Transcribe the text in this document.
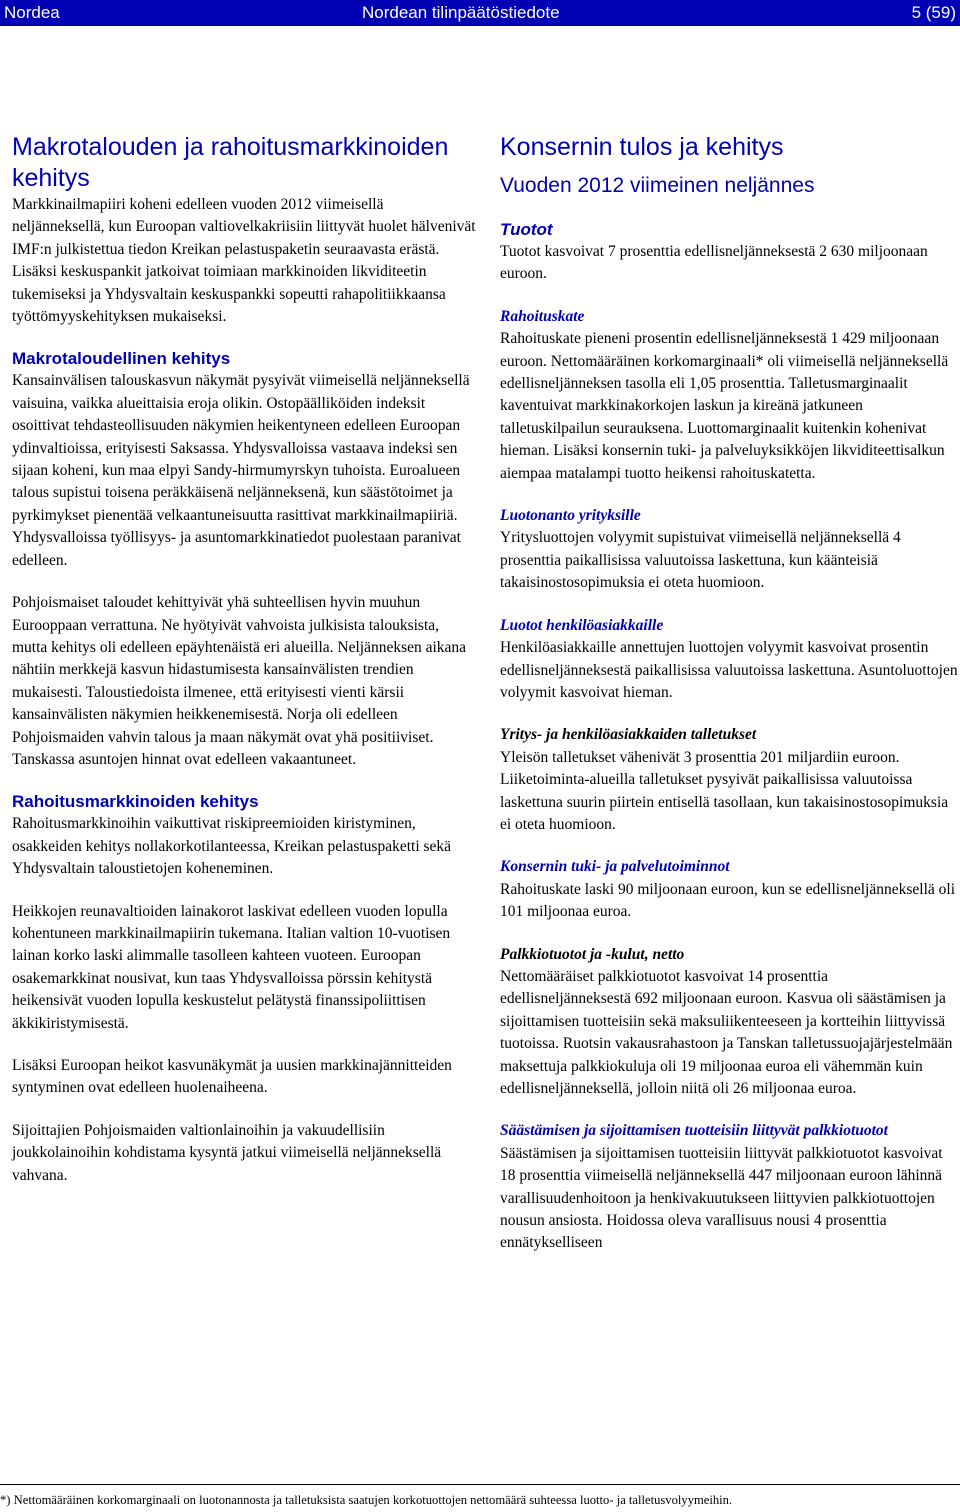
Nordea	Nordean tilinpäätöstiedote	5 (59)
Makrotalouden ja rahoitusmarkkinoiden kehitys

Markkinailmapiiri koheni edelleen vuoden 2012 viimeisellä neljänneksellä, kun Euroopan valtiovelkakriisiin liittyvät huolet hälvenivät IMF:n julkistettua tiedon Kreikan pelastuspaketin seuraavasta erästä. Lisäksi keskuspankit jatkoivat toimiaan markkinoiden likviditeetin tukemiseksi ja Yhdysvaltain keskuspankki sopeutti rahapolitiikkaansa työttömyyskehityksen mukaiseksi.

Makrotaloudellinen kehitys

Kansainvälisen talouskasvun näkymät pysyivät viimeisellä neljänneksellä vaisuina, vaikka alueittaisia eroja olikin. Ostopäälliköiden indeksit osoittivat tehdasteollisuuden näkymien heikentyneen edelleen Euroopan ydinvaltioissa, erityisesti Saksassa. Yhdysvalloissa vastaava indeksi sen sijaan koheni, kun maa elpyi Sandy-hirmumyrskyn tuhoista. Euroalueen talous supistui toisena peräkkäisenä neljänneksenä, kun säästötoimet ja pyrkimykset pienentää velkaantuneisuutta rasittivat markkinailmapiiriä. Yhdysvalloissa työllisyys- ja asuntomarkkinatiedot puolestaan paranivat edelleen.

Pohjoismaiset taloudet kehittyivät yhä suhteellisen hyvin muuhun Eurooppaan verrattuna. Ne hyötyivät vahvoista julkisista talouksista, mutta kehitys oli edelleen epäyhtenäistä eri alueilla. Neljänneksen aikana nähtiin merkkejä kasvun hidastumisesta kansainvälisten trendien mukaisesti. Taloustiedoista ilmenee, että erityisesti vienti kärsii kansainvälisten näkymien heikkenemisestä. Norja oli edelleen Pohjoismaiden vahvin talous ja maan näkymät ovat yhä positiiviset. Tanskassa asuntojen hinnat ovat edelleen vakaantuneet.

Rahoitusmarkkinoiden kehitys

Rahoitusmarkkinoihin vaikuttivat riskipreemioiden kiristyminen, osakkeiden kehitys nollakorkotilanteessa, Kreikan pelastuspaketti sekä Yhdysvaltain taloustietojen koheneminen.

Heikkojen reunavaltioiden lainakorot laskivat edelleen vuoden lopulla kohentuneen markkinailmapiirin tukemana. Italian valtion 10-vuotisen lainan korko laski alimmalle tasolleen kahteen vuoteen. Euroopan osakemarkkinat nousivat, kun taas Yhdysvalloissa pörssin kehitystä heikensivät vuoden lopulla keskustelut pelätystä finanssipoliittisen äkkikiristymisestä.

Lisäksi Euroopan heikot kasvunäkymät ja uusien markkinajännitteiden syntyminen ovat edelleen huolenaiheena.

Sijoittajien Pohjoismaiden valtionlainoihin ja vakuudellisiin joukkolainoihin kohdistama kysyntä jatkui viimeisellä neljänneksellä vahvana.

Konsernin tulos ja kehitys
Vuoden 2012 viimeinen neljännes
Tuotot

Tuotot kasvoivat 7 prosenttia edellisneljänneksestä 2 630 miljoonaan euroon.

Rahoituskate

Rahoituskate pieneni prosentin edellisneljänneksestä 1 429 miljoonaan euroon. Nettomääräinen korkomarginaali* oli viimeisellä neljänneksellä edellisneljänneksen tasolla eli 1,05 prosenttia. Talletusmarginaalit kaventuivat markkinakorkojen laskun ja kireänä jatkuneen talletuskilpailun seurauksena. Luottomarginaalit kuitenkin kohenivat hieman. Lisäksi konsernin tuki- ja palveluyksikköjen likviditeettisalkun aiempaa matalampi tuotto heikensi rahoituskatetta.

Luotonanto yrityksille

Yritysluottojen volyymit supistuivat viimeisellä neljänneksellä 4 prosenttia paikallisissa valuutoissa laskettuna, kun käänteisiä takaisinostosopimuksia ei oteta huomioon.

Luotot henkilöasiakkaille

Henkilöasiakkaille annettujen luottojen volyymit kasvoivat prosentin edellisneljänneksestä paikallisissa valuutoissa laskettuna. Asuntoluottojen volyymit kasvoivat hieman.

Yritys- ja henkilöasiakkaiden talletukset

Yleisön talletukset vähenivät 3 prosenttia 201 miljardiin euroon. Liiketoiminta-alueilla talletukset pysyivät paikallisissa valuutoissa laskettuna suurin piirtein entisellä tasollaan, kun takaisinostosopimuksia ei oteta huomioon.

Konsernin tuki- ja palvelutoiminnot

Rahoituskate laski 90 miljoonaan euroon, kun se edellisneljänneksellä oli 101 miljoonaa euroa.

Palkkiotuotot ja -kulut, netto

Nettomääräiset palkkiotuotot kasvoivat 14 prosenttia edellisneljänneksestä 692 miljoonaan euroon. Kasvua oli säästämisen ja sijoittamisen tuotteisiin sekä maksuliikenteeseen ja kortteihin liittyvissä tuotoissa. Ruotsin vakausrahastoon ja Tanskan talletussuojajärjestelmään maksettuja palkkiokuluja oli 19 miljoonaa euroa eli vähemmän kuin edellisneljänneksellä, jolloin niitä oli 26 miljoonaa euroa.

Säästämisen ja sijoittamisen tuotteisiin liittyvät palkkiotuotot

Säästämisen ja sijoittamisen tuotteisiin liittyvät palkkiotuotot kasvoivat 18 prosenttia viimeisellä neljänneksellä 447 miljoonaan euroon lähinnä varallisuudenhoitoon ja henkivakuutukseen liittyvien palkkiotuottojen nousun ansiosta. Hoidossa oleva varallisuus nousi 4 prosenttia ennätykselliseen

*) Nettomääräinen korkomarginaali on luotonannosta ja talletuksista saatujen korkotuottojen nettomäärä suhteessa luotto- ja talletusvolyymeihin.
